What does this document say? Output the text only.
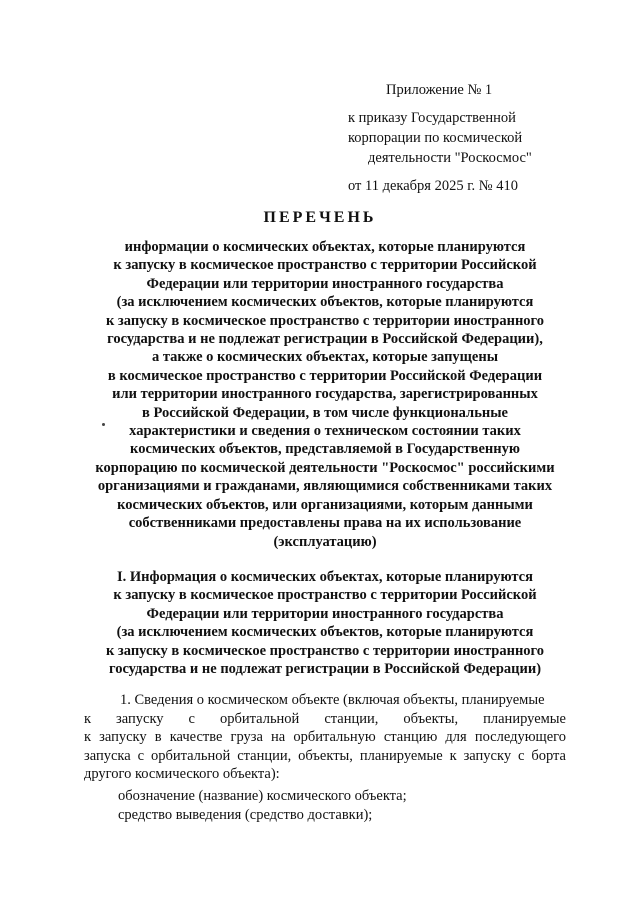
Приложение № 1
к приказу Государственной
корпорации по космической
деятельности "Роскосмос"
от 11 декабря 2025 г. № 410
ПЕРЕЧЕНЬ
информации о космических объектах, которые планируются
к запуску в космическое пространство с территории Российской
Федерации или территории иностранного государства
(за исключением космических объектов, которые планируются
к запуску в космическое пространство с территории иностранного
государства и не подлежат регистрации в Российской Федерации),
а также о космических объектах, которые запущены
в космическое пространство с территории Российской Федерации
или территории иностранного государства, зарегистрированных
в Российской Федерации, в том числе функциональные
характеристики и сведения о техническом состоянии таких
космических объектов, представляемой в Государственную
корпорацию по космической деятельности "Роскосмос" российскими
организациями и гражданами, являющимися собственниками таких
космических объектов, или организациями, которым данными
собственниками предоставлены права на их использование
(эксплуатацию)
I. Информация о космических объектах, которые планируются
к запуску в космическое пространство с территории Российской
Федерации или территории иностранного государства
(за исключением космических объектов, которые планируются
к запуску в космическое пространство с территории иностранного
государства и не подлежат регистрации в Российской Федерации)
1. Сведения о космическом объекте (включая объекты, планируемые
к запуску с орбитальной станции, объекты, планируемые
к запуску в качестве груза на орбитальную станцию для последующего
запуска с орбитальной станции, объекты, планируемые к запуску с борта
другого космического объекта):
обозначение (название) космического объекта;
средство выведения (средство доставки);
